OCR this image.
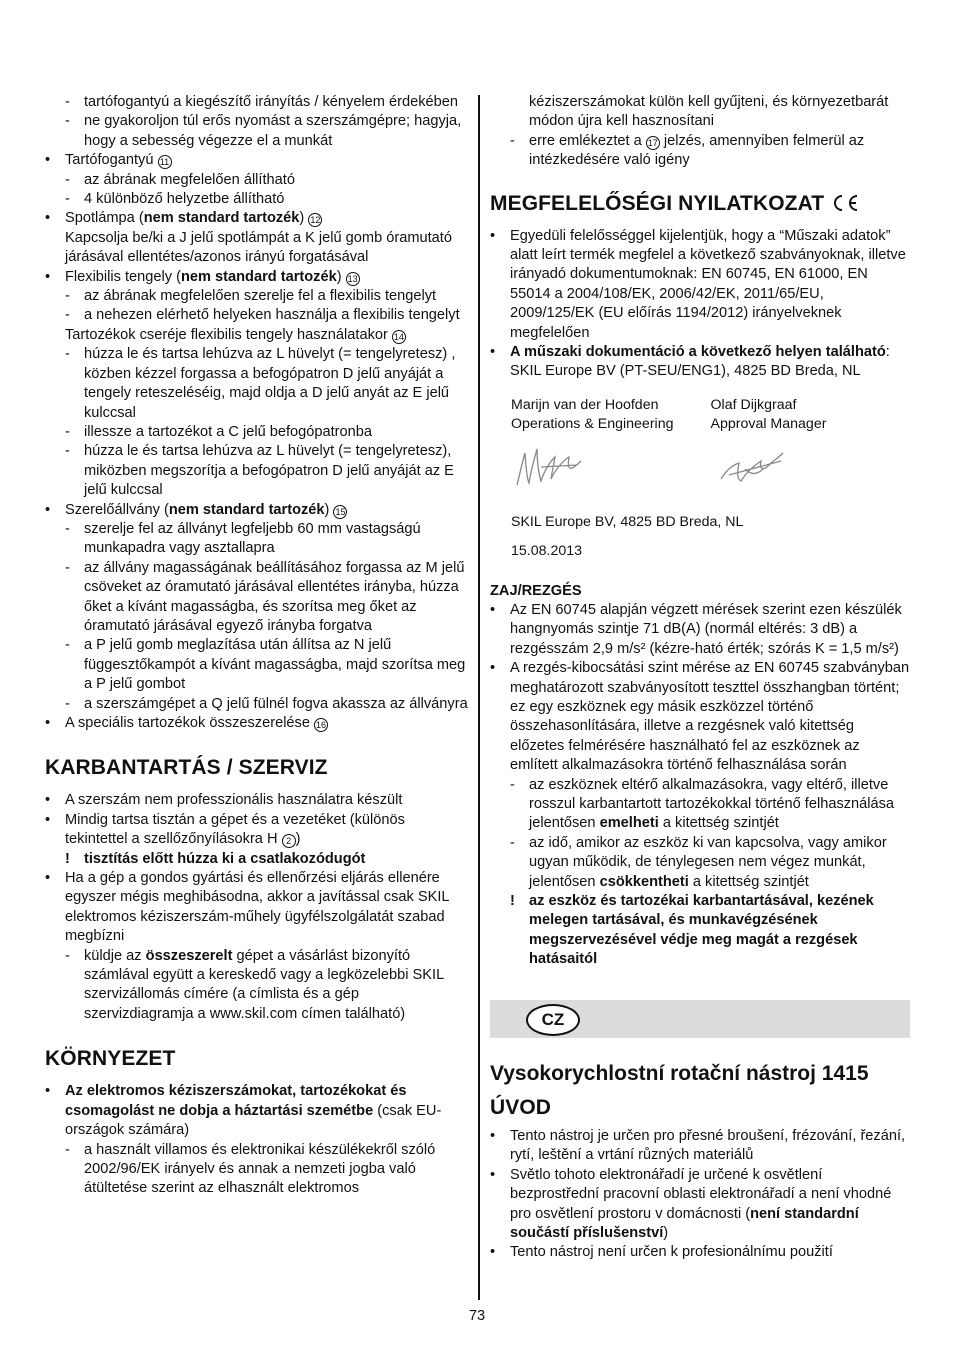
- tartófogantyú a kiegészítő irányítás / kényelem érdekében
- ne gyakoroljon túl erős nyomást a szerszámgépre; hagyja, hogy a sebesség végezze el a munkát
• Tartófogantyú 11
- az ábrának megfelelően állítható
- 4 különböző helyzetbe állítható
• Spotlámpa (nem standard tartozék) 12
Kapcsolja be/ki a J jelű spotlámpát a K jelű gomb óramutató járásával ellentétes/azonos irányú forgatásával
• Flexibilis tengely (nem standard tartozék) 13
- az ábrának megfelelően szerelje fel a flexibilis tengelyt
- a nehezen elérhető helyeken használja a flexibilis tengelyt
Tartozékok cseréje flexibilis tengely használatakor 14
- húzza le és tartsa lehúzva az L hüvelyt (= tengelyretesz) , közben kézzel forgassa a befogópatron D jelű anyáját a tengely reteszeléséig, majd oldja a D jelű anyát az E jelű kulccsal
- illessze a tartozékot a C jelű befogópatronba
- húzza le és tartsa lehúzva az L hüvelyt (= tengelyretesz), miközben megszorítja a befogópatron D jelű anyáját az E jelű kulccsal
• Szerelőállvány (nem standard tartozék) 15
- szerelje fel az állványt legfeljebb 60 mm vastagságú munkapadra vagy asztallapra
- az állvány magasságának beállításához forgassa az M jelű csöveket az óramutató járásával ellentétes irányba, húzza őket a kívánt magasságba, és szorítsa meg őket az óramutató járásával egyező irányba forgatva
- a P jelű gomb meglazítása után állítsa az N jelű függesztőkampót a kívánt magasságba, majd szorítsa meg a P jelű gombot
- a szerszámgépet a Q jelű fülnél fogva akassza az állványra
• A speciális tartozékok összeszerelése 16
KARBANTARTÁS / SZERVIZ
• A szerszám nem professzionális használatra készült
• Mindig tartsa tisztán a gépet és a vezetéket (különös tekintettel a szellőzőnyílásokra H 2 )
! tisztítás előtt húzza ki a csatlakozódugót
• Ha a gép a gondos gyártási és ellenőrzési eljárás ellenére egyszer mégis meghibásodna, akkor a javítással csak SKIL elektromos kéziszerszám-műhely ügyfélszolgálatát szabad megbízni
- küldje az összeszerelt gépet a vásárlást bizonyító számlával együtt a kereskedő vagy a legközelebbi SKIL szervizállomás címére (a címlista és a gép szervizdiagramja a www.skil.com címen található)
KÖRNYEZET
• Az elektromos kéziszerszámokat, tartozékokat és csomagolást ne dobja a háztartási szemétbe (csak EU-országok számára)
- a használt villamos és elektronikai készülékekről szóló 2002/96/EK irányelv és annak a nemzeti jogba való átültetése szerint az elhasznált elektromos
kéziszerszámokat külön kell gyűjteni, és környezetbarát módon újra kell hasznosítani
- erre emlékeztet a 17 jelzés, amennyiben felmerül az intézkedésére való igény
MEGFELELŐSÉGI NYILATKOZAT
• Egyedüli felelősséggel kijelentjük, hogy a “Műszaki adatok” alatt leírt termék megfelel a következő szabványoknak, illetve irányadó dokumentumoknak: EN 60745, EN 61000, EN 55014 a 2004/108/EK, 2006/42/EK, 2011/65/EU, 2009/125/EK (EU előírás 1194/2012) irányelveknek megfelelően
• A műszaki dokumentáció a következő helyen található: SKIL Europe BV (PT-SEU/ENG1), 4825 BD Breda, NL
Marijn van der Hoofden
Operations & Engineering
Olaf Dijkgraaf
Approval Manager
SKIL Europe BV, 4825 BD Breda, NL
15.08.2013
ZAJ/REZGÉS
• Az EN 60745 alapján végzett mérések szerint ezen készülék hangnyomás szintje 71 dB(A) (normál eltérés: 3 dB) a rezgésszám 2,9 m/s² (kézre-ható érték; szórás K = 1,5 m/s²)
• A rezgés-kibocsátási szint mérése az EN 60745 szabványban meghatározott szabványosított teszttel összhangban történt; ez egy eszköznek egy másik eszközzel történő összehasonlítására, illetve a rezgésnek való kitettség előzetes felmérésére használható fel az eszköznek az említett alkalmazásokra történő felhasználása során
- az eszköznek eltérő alkalmazásokra, vagy eltérő, illetve rosszul karbantartott tartozékokkal történő felhasználása jelentősen emelheti a kitettség szintjét
- az idő, amikor az eszköz ki van kapcsolva, vagy amikor ugyan működik, de ténylegesen nem végez munkát, jelentősen csökkentheti a kitettség szintjét
! az eszköz és tartozékai karbantartásával, kezének melegen tartásával, és munkavégzésének megszervezésével védje meg magát a rezgések hatásaitól
CZ
Vysokorychlostní rotační nástroj 1415
ÚVOD
• Tento nástroj je určen pro přesné broušení, frézování, řezání, rytí, leštění a vrtání různých materiálů
• Světlo tohoto elektronářadí je určené k osvětlení bezprostřední pracovní oblasti elektronářadí a není vhodné pro osvětlení prostoru v domácnosti (není standardní součástí příslušenství)
• Tento nástroj není určen k profesionálnímu použití
73
